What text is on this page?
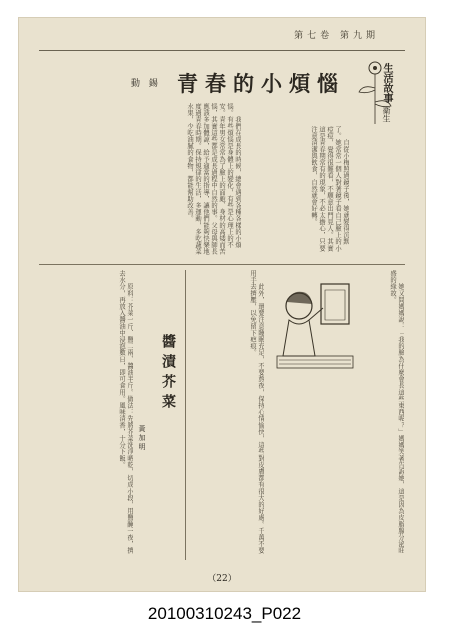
第七卷 第九期
生活故事 衛生
青春的小煩惱
動 錫
　　自從小梅照過鏡子後，她就變得沉默了。她常常一個人對著鏡子看自己臉上的小痘痘，覺得很難看，不願意出門見人。其實這是青春期常有的現象，不必太擔心，只要注意清潔與飲食，自然就會好轉。
　　我們在成長的時候，總會遇到各種各樣的小煩惱。有些煩惱是身體上的變化，有些是心理上的不安。青年男女常常為了臉上的面皰、身材的高矮而苦惱，其實這些都是成長過程中自然的事。父母與師長應該多加體諒，給予適當的指導，讓他們能夠快樂地度過青春時期。保持規律的生活，多運動，多吃蔬菜水果，少吃油膩的食物，都能幫助改善。
　　她又問媽媽說：「我的臉為什麼會長這些東西呢？」媽媽笑著告訴她，這是因為皮脂腺分泌旺盛的緣故。
　　此外，還要注意睡眠充足，不要熬夜，保持心情愉快，這些對皮膚都有很大的好處。千萬不要用手去擠壓，以免留下疤痕。
醬漬芥菜
黃加明
　　原料：芥菜一斤、鹽二兩、醬油半斤。做法：先將芥菜洗淨晒乾，切成小段，用鹽醃一夜，擠去水分，再放入醬油中浸泡數日，即可食用。風味清香，十分下飯。
（22）
20100310243_P022
